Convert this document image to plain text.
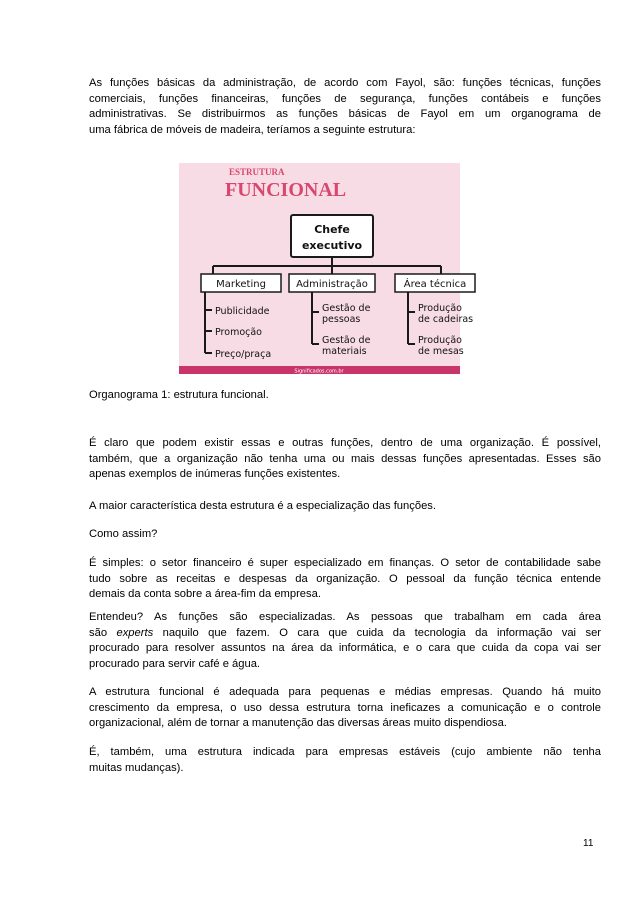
As funções básicas da administração, de acordo com Fayol, são: funções técnicas, funções
comerciais, funções financeiras, funções de segurança, funções contábeis e funções
administrativas. Se distribuirmos as funções básicas de Fayol em um organograma de
uma fábrica de móveis de madeira, teríamos a seguinte estrutura:
ESTRUTURA
FUNCIONAL
Chefe
executivo
Marketing	Administração	Área técnica
Publicidade
Promoção
Preço/praça
Gestão de
pessoas
Gestão de
materiais
Produção
de cadeiras
Produção
de mesas
Significados.com.br
Organograma 1: estrutura funcional.
É claro que podem existir essas e outras funções, dentro de uma organização. É possível,
também, que a organização não tenha uma ou mais dessas funções apresentadas. Esses são
apenas exemplos de inúmeras funções existentes.
A maior característica desta estrutura é a especialização das funções.
Como assim?
É simples: o setor financeiro é super especializado em finanças. O setor de contabilidade sabe
tudo sobre as receitas e despesas da organização. O pessoal da função técnica entende
demais da conta sobre a área-fim da empresa.
Entendeu? As funções são especializadas. As pessoas que trabalham em cada área
são experts naquilo que fazem. O cara que cuida da tecnologia da informação vai ser
procurado para resolver assuntos na área da informática, e o cara que cuida da copa vai ser
procurado para servir café e água.
A estrutura funcional é adequada para pequenas e médias empresas. Quando há muito
crescimento da empresa, o uso dessa estrutura torna ineficazes a comunicação e o controle
organizacional, além de tornar a manutenção das diversas áreas muito dispendiosa.
É, também, uma estrutura indicada para empresas estáveis (cujo ambiente não tenha
muitas mudanças).
11
